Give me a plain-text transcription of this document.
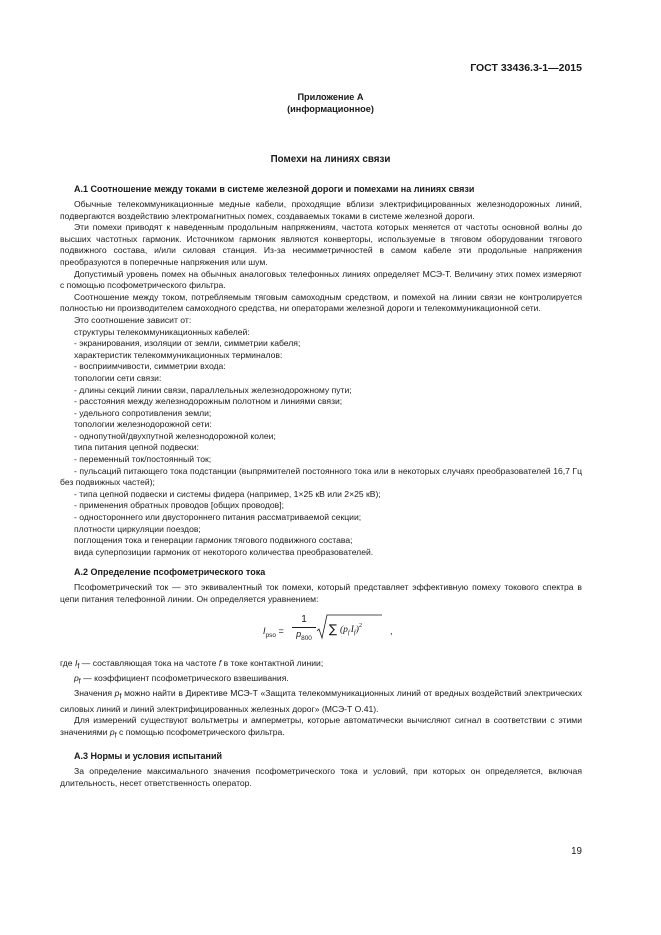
ГОСТ 33436.3-1—2015
Приложение А
(информационное)
Помехи на линиях связи
А.1 Соотношение между токами в системе железной дороги и помехами на линиях связи

Обычные телекоммуникационные медные кабели, проходящие вблизи электрифицированных железнодорожных линий, подвергаются воздействию электромагнитных помех, создаваемых токами в системе железной дороги.

Эти помехи приводят к наведенным продольным напряжениям, частота которых меняется от частоты основной волны до высших частотных гармоник. Источником гармоник являются конверторы, используемые в тяговом оборудовании тягового подвижного состава, и/или силовая станция. Из-за несимметричностей в самом кабеле эти продольные напряжения преобразуются в поперечные напряжения или шум.

Допустимый уровень помех на обычных аналоговых телефонных линиях определяет МСЭ-Т. Величину этих помех измеряют с помощью псофометрического фильтра.

Соотношение между током, потребляемым тяговым самоходным средством, и помехой на линии связи не контролируется полностью ни производителем самоходного средства, ни операторами железной дороги и телекоммуникационной сети.

Это соотношение зависит от:

структуры телекоммуникационных кабелей:

- экранирования, изоляции от земли, симметрии кабеля;

характеристик телекоммуникационных терминалов:

- восприимчивости, симметрии входа:

топологии сети связи:

- длины секций линии связи, параллельных железнодорожному пути;

- расстояния между железнодорожным полотном и линиями связи;

- удельного сопротивления земли;

топологии железнодорожной сети:

- однопутной/двухпутной железнодорожной колеи;

типа питания цепной подвески:

- переменный ток/постоянный ток;

- пульсаций питающего тока подстанции (выпрямителей постоянного тока или в некоторых случаях преобразователей 16,7 Гц без подвижных частей);

- типа цепной подвески и системы фидера (например, 1×25 кВ или 2×25 кВ);

- применения обратных проводов [общих проводов];

- одностороннего или двустороннего питания рассматриваемой секции;

плотности циркуляции поездов;

поглощения тока и генерации гармоник тягового подвижного состава;

вида суперпозиции гармоник от некоторого количества преобразователей.

А.2 Определение псофометрического тока

Псофометрический ток — это эквивалентный ток помехи, который представляет эффективную помеху токового спектра в цепи питания телефонной линии. Он определяется уравнением:

$I_{pso}$ =
1
$p_{800}$
∑ $(p_fI_f)^2$
,

где $I_f$ — составляющая тока на частоте f в токе контактной линии;

$p_f$ — коэффициент псофометрического взвешивания.

Значения $p_f$ можно найти в Директиве МСЭ-Т «Защита телекоммуникационных линий от вредных воздействий электрических силовых линий и линий электрифицированных железных дорог» (МСЭ-Т О.41).

Для измерений существуют вольтметры и амперметры, которые автоматически вычисляют сигнал в соответствии с этими значениями $p_f$ с помощью псофометрического фильтра.

А.3 Нормы и условия испытаний

За определение максимального значения псофометрического тока и условий, при которых он определяется, включая длительность, несет ответственность оператор.

19
